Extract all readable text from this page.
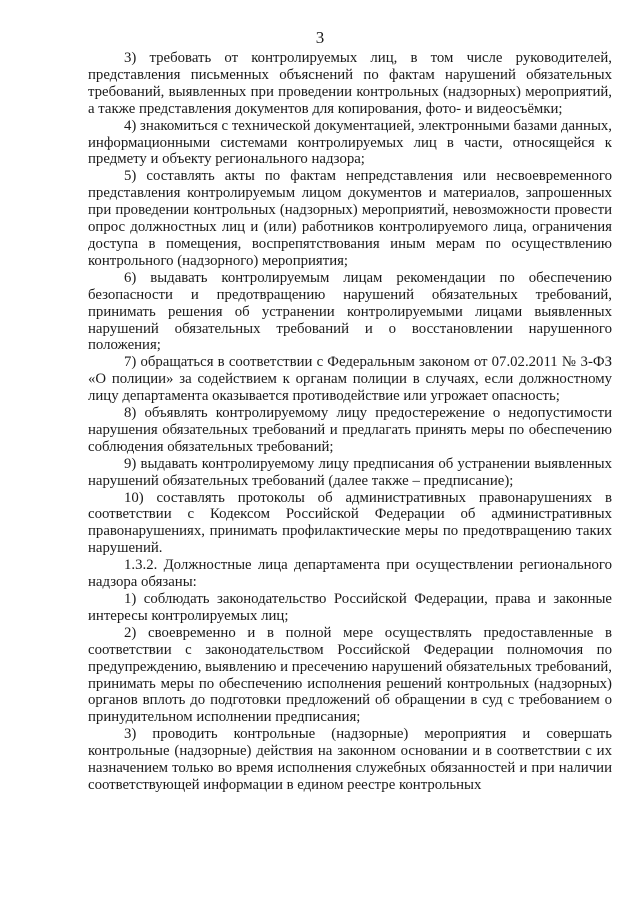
3

3) требовать от контролируемых лиц, в том числе руководителей, представления письменных объяснений по фактам нарушений обязательных требований, выявленных при проведении контрольных (надзорных) мероприятий, а также представления документов для копирования, фото- и видеосъёмки;

4) знакомиться с технической документацией, электронными базами данных, информационными системами контролируемых лиц в части, относящейся к предмету и объекту регионального надзора;

5) составлять акты по фактам непредставления или несвоевременного представления контролируемым лицом документов и материалов, запрошенных при проведении контрольных (надзорных) мероприятий, невозможности провести опрос должностных лиц и (или) работников контролируемого лица, ограничения доступа в помещения, воспрепятствования иным мерам по осуществлению контрольного (надзорного) мероприятия;

6) выдавать контролируемым лицам рекомендации по обеспечению безопасности и предотвращению нарушений обязательных требований, принимать решения об устранении контролируемыми лицами выявленных нарушений обязательных требований и о восстановлении нарушенного положения;

7) обращаться в соответствии с Федеральным законом от 07.02.2011 № 3-ФЗ «О полиции» за содействием к органам полиции в случаях, если должностному лицу департамента оказывается противодействие или угрожает опасность;

8) объявлять контролируемому лицу предостережение о недопустимости нарушения обязательных требований и предлагать принять меры по обеспечению соблюдения обязательных требований;

9) выдавать контролируемому лицу предписания об устранении выявленных нарушений обязательных требований (далее также – предписание);

10) составлять протоколы об административных правонарушениях в соответствии с Кодексом Российской Федерации об административных правонарушениях, принимать профилактические меры по предотвращению таких нарушений.

1.3.2. Должностные лица департамента при осуществлении регионального надзора обязаны:

1) соблюдать законодательство Российской Федерации, права и законные интересы контролируемых лиц;

2) своевременно и в полной мере осуществлять предоставленные в соответствии с законодательством Российской Федерации полномочия по предупреждению, выявлению и пресечению нарушений обязательных требований, принимать меры по обеспечению исполнения решений контрольных (надзорных) органов вплоть до подготовки предложений об обращении в суд с требованием о принудительном исполнении предписания;

3) проводить контрольные (надзорные) мероприятия и совершать контрольные (надзорные) действия на законном основании и в соответствии с их назначением только во время исполнения служебных обязанностей и при наличии соответствующей информации в едином реестре контрольных
